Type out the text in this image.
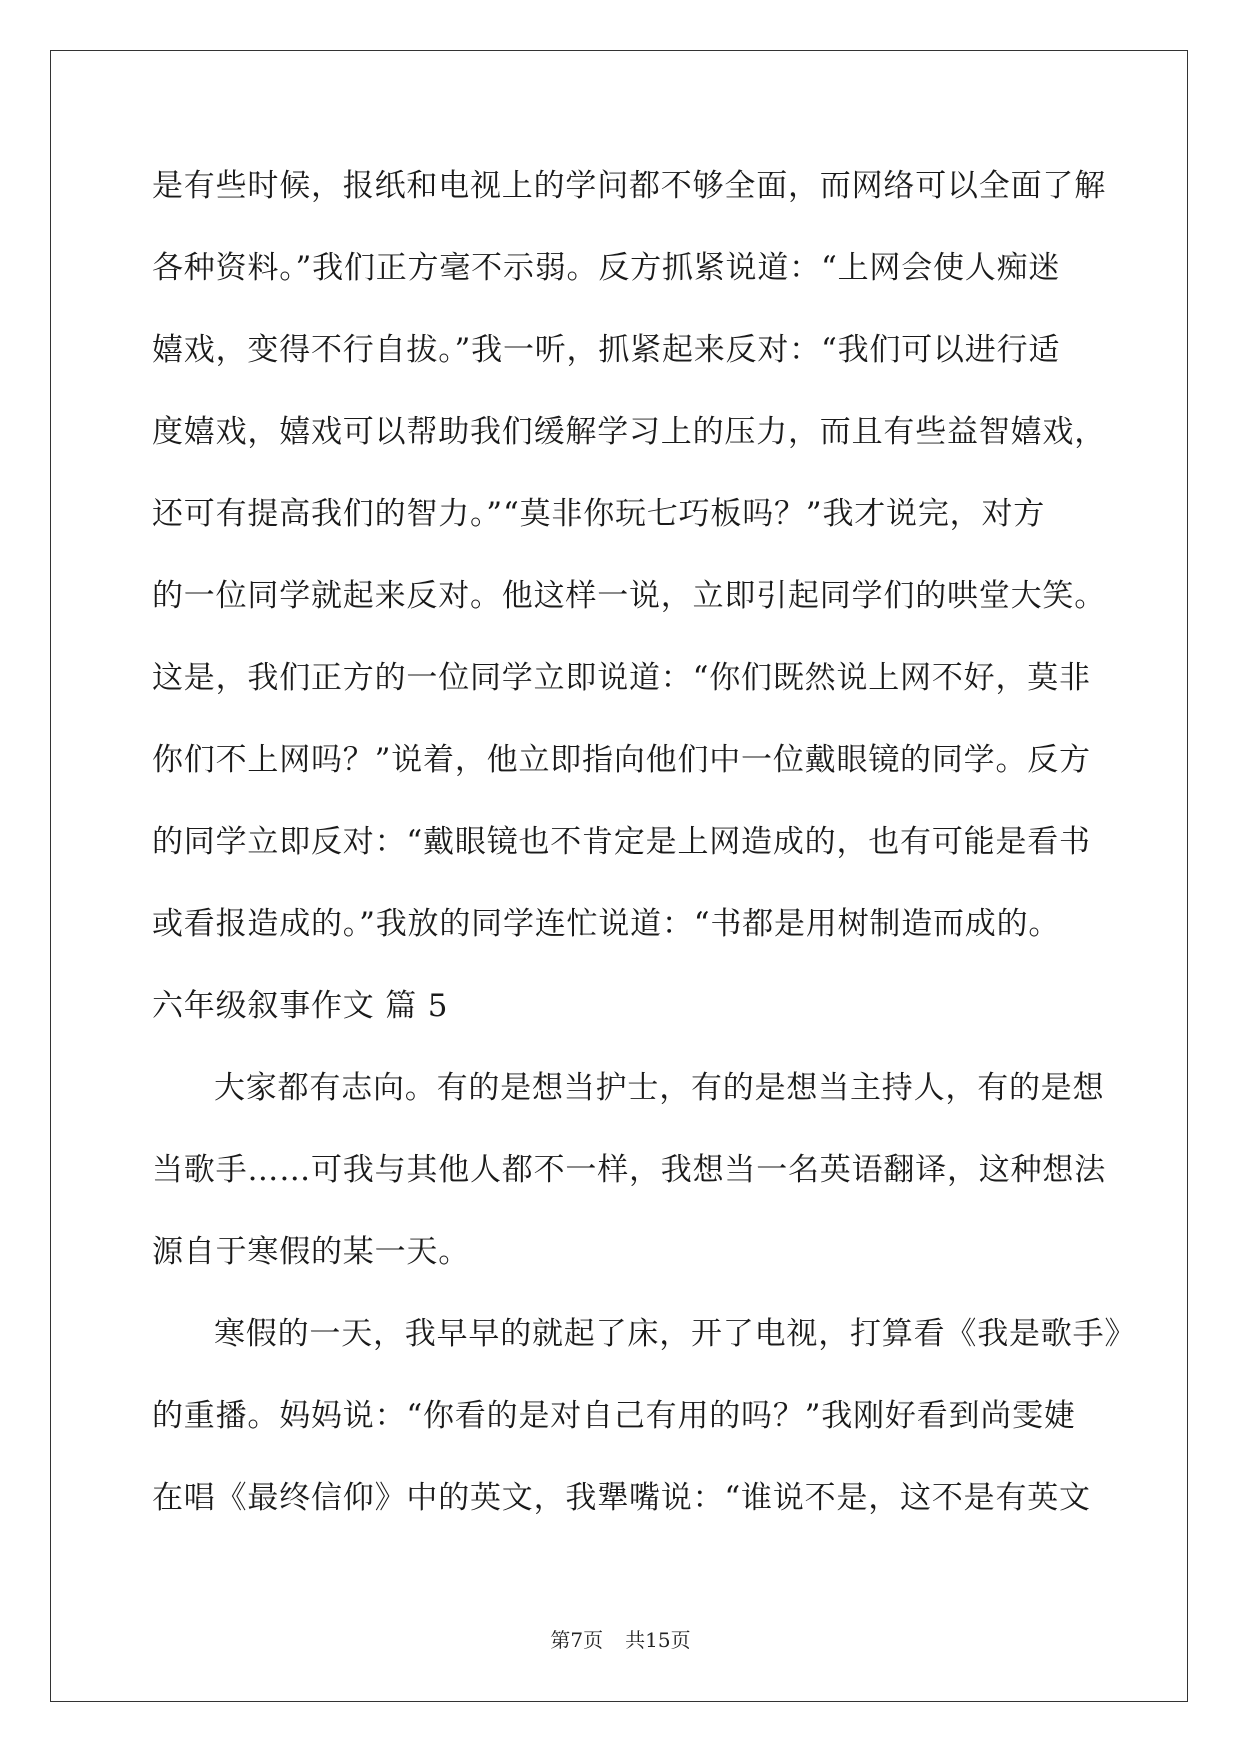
是有些时候，报纸和电视上的学问都不够全面，而网络可以全面了解
各种资料。”我们正方毫不示弱。反方抓紧说道：“上网会使人痴迷
嬉戏，变得不行自拔。”我一听，抓紧起来反对：“我们可以进行适
度嬉戏，嬉戏可以帮助我们缓解学习上的压力，而且有些益智嬉戏，
还可有提高我们的智力。”“莫非你玩七巧板吗？”我才说完，对方
的一位同学就起来反对。他这样一说，立即引起同学们的哄堂大笑。
这是，我们正方的一位同学立即说道：“你们既然说上网不好，莫非
你们不上网吗？”说着，他立即指向他们中一位戴眼镜的同学。反方
的同学立即反对：“戴眼镜也不肯定是上网造成的，也有可能是看书
或看报造成的。”我放的同学连忙说道：“书都是用树制造而成的。
六年级叙事作文 篇 5
大家都有志向。有的是想当护士，有的是想当主持人，有的是想
当歌手……可我与其他人都不一样，我想当一名英语翻译，这种想法
源自于寒假的某一天。
寒假的一天，我早早的就起了床，开了电视，打算看《我是歌手》
的重播。妈妈说：“你看的是对自己有用的吗？”我刚好看到尚雯婕
在唱《最终信仰》中的英文，我犟嘴说：“谁说不是，这不是有英文
第7页 共15页
